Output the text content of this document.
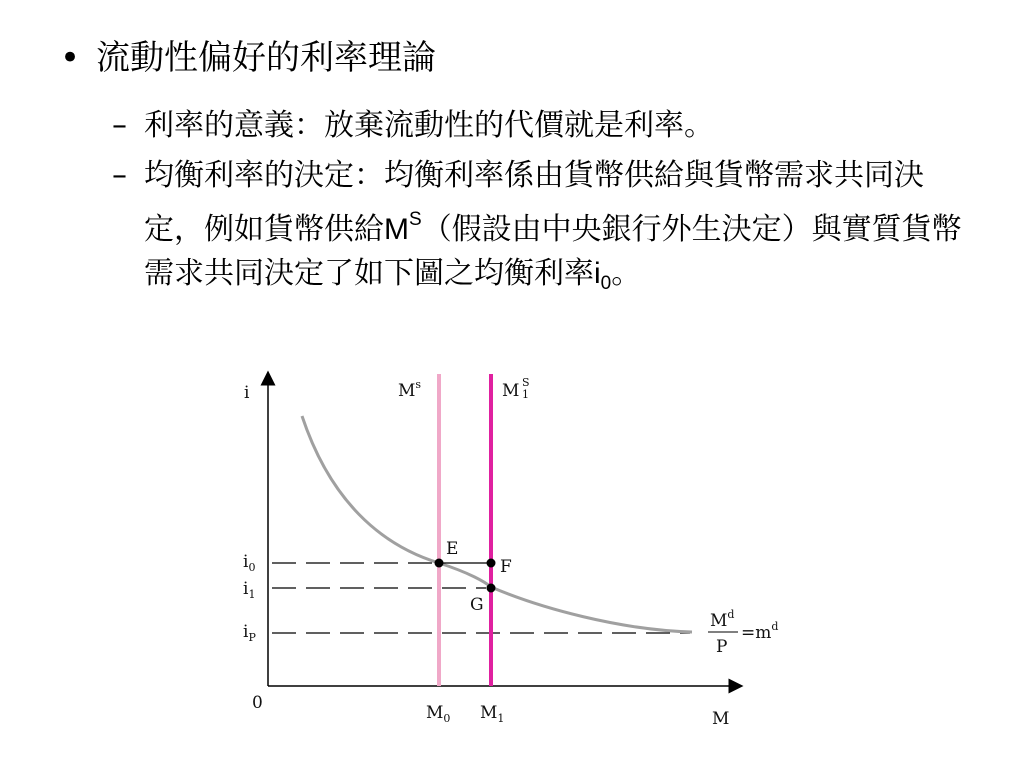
• 流動性偏好的利率理論
– 利率的意義：放棄流動性的代價就是利率。
– 均衡利率的決定：均衡利率係由貨幣供給與貨幣需求共同決定，例如貨幣供給$M^S$（假設由中央銀行外生決定）與實質貨幣需求共同決定了如下圖之均衡利率$i_0$。
i
M
0
$M^s$	M S
1
E
F
G
$i_0$
$i_1$
$i_P$
$M_0$ $M_1$
$M^d$
P
$=m^d$
